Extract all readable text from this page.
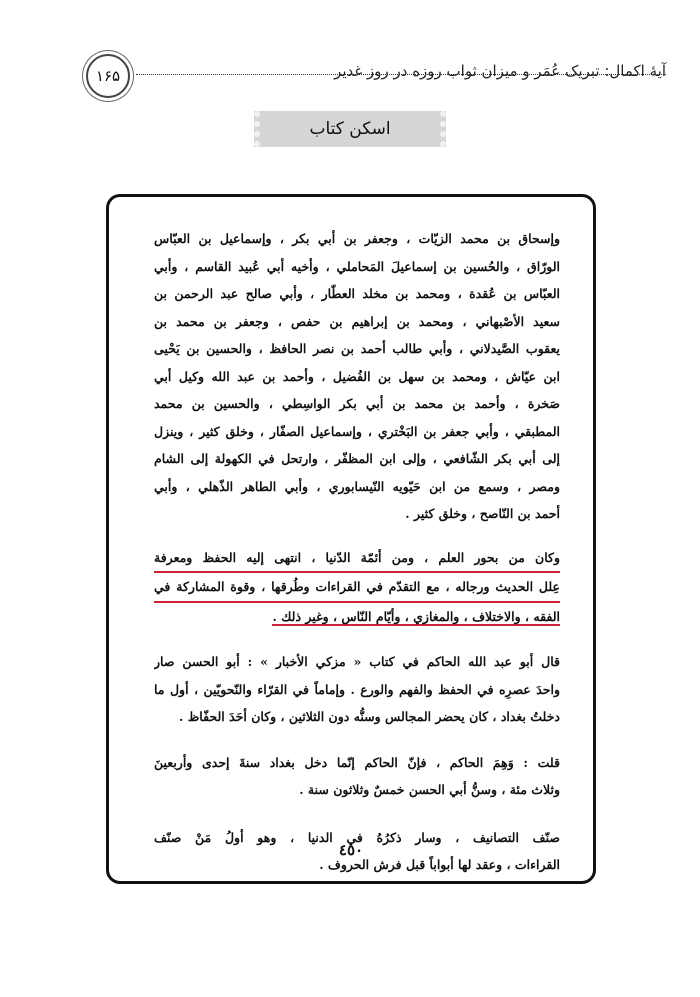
آیهٔ اکمال: تبریک عُمَر و میزان ثواب روزه در روز غدیر
۱۶۵
اسکن کتاب
وإسحاق بن محمد الزيّات ، وجعفر بن أبي بكر ، وإسماعيل بن العبّاس
الورّاق ، والحُسين بن إسماعيلَ المَحاملي ، وأخيه أبي عُبيد القاسم ، وأبي
العبّاس بن عُقدة ، ومحمد بن مخلد العطّار ، وأبي صالح عبد الرحمن بن
سعيد الأصْبهاني ، ومحمد بن إبراهيم بن حفص ، وجعفر بن محمد بن
يعقوب الصَّيدلاني ، وأبي طالب أحمد بن نصر الحافظ ، والحسين بن يَحْيى
ابن عيّاش ، ومحمد بن سهل بن الفُضيل ، وأحمد بن عبد الله وكيل أبي
صَخرة ، وأحمد بن محمد بن أبي بكر الواسِطي ، والحسين بن محمد
المطبقي ، وأبي جعفر بن البَخْتري ، وإسماعيل الصفّار ، وخلق كثير ، وينزل
إلى أبي بكر الشّافعي ، وإلى ابن المظفّر ، وارتحل في الكهولة إلى الشام
ومصر ، وسمع من ابن حَيّويه النّيسابوري ، وأبي الطاهر الذّهلي ، وأبي
أحمد بن النّاصح ، وخلق كثير .
وكان من بحور العلم ، ومن أئمّة الدّنيا ، انتهى إليه الحفظ ومعرفة
عِلل الحديث ورجاله ، مع التقدّم في القراءات وطُرقها ، وقوة المشاركة في
الفقه ، والاختلاف ، والمغازي ، وأيّام النّاس ، وغير ذلك .
قال أبو عبد الله الحاكم في كتاب « مزكي الأخبار » : أبو الحسن صار
واحدَ عصرِه في الحفظ والفهم والورع . وإماماً في القرّاء والنّحويّين ، أول ما
دخلتُ بغداد ، كان يحضر المجالس وسنُّه دون الثلاثين ، وكان أحَدَ الحفّاظ .
قلت : وَهِمَ الحاكم ، فإنّ الحاكم إنّما دخل بغداد سنةَ إحدى وأربعينَ
وثلاث مئة ، وسنُّ أبي الحسن خمسٌ وثلاثون سنة .
صنّف التصانيف ، وسار ذكرُهُ في الدنيا ، وهو أولُ مَنْ صنّف
القراءات ، وعقد لها أبواباً قبل فرش الحروف .
٤٥٠
